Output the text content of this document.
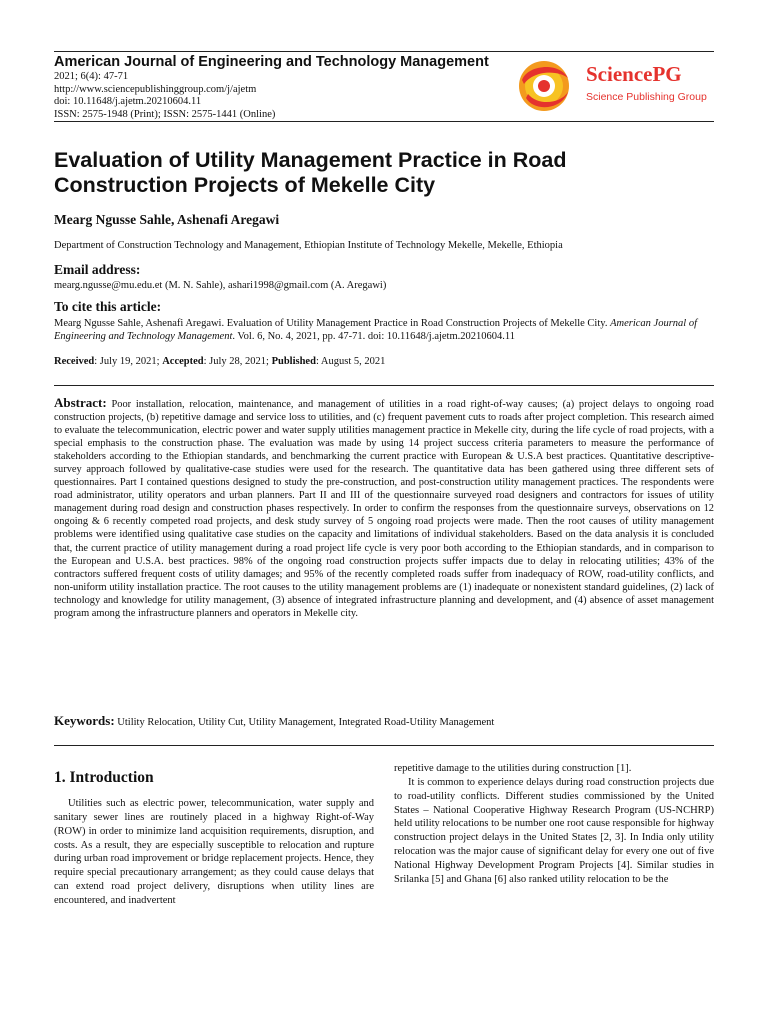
American Journal of Engineering and Technology Management
2021; 6(4): 47-71
http://www.sciencepublishinggroup.com/j/ajetm
doi: 10.11648/j.ajetm.20210604.11
ISSN: 2575-1948 (Print); ISSN: 2575-1441 (Online)
SciencePG
Science Publishing Group
Evaluation of Utility Management Practice in Road
Construction Projects of Mekelle City
Mearg Ngusse Sahle, Ashenafi Aregawi
Department of Construction Technology and Management, Ethiopian Institute of Technology Mekelle, Mekelle, Ethiopia
Email address:
mearg.ngusse@mu.edu.et (M. N. Sahle), ashari1998@gmail.com (A. Aregawi)
To cite this article:
Mearg Ngusse Sahle, Ashenafi Aregawi. Evaluation of Utility Management Practice in Road Construction Projects of Mekelle City. American Journal of Engineering and Technology Management. Vol. 6, No. 4, 2021, pp. 47-71. doi: 10.11648/j.ajetm.20210604.11
Received: July 19, 2021; Accepted: July 28, 2021; Published: August 5, 2021
Abstract: Poor installation, relocation, maintenance, and management of utilities in a road right-of-way causes; (a) project delays to ongoing road construction projects, (b) repetitive damage and service loss to utilities, and (c) frequent pavement cuts to roads after project completion. This research aimed to evaluate the telecommunication, electric power and water supply utilities management practice in Mekelle city, during the life cycle of road projects, with a special emphasis to the construction phase. The evaluation was made by using 14 project success criteria parameters to measure the performance of stakeholders according to the Ethiopian standards, and benchmarking the current practice with European & U.S.A best practices. Quantitative descriptive-survey approach followed by qualitative-case studies were used for the research. The quantitative data has been gathered using three different sets of questionnaires. Part I contained questions designed to study the pre-construction, and post-construction utility management practices. The respondents were road administrator, utility operators and urban planners. Part II and III of the questionnaire surveyed road designers and contractors for issues of utility management during road design and construction phases respectively. In order to confirm the responses from the questionnaire surveys, observations on 12 ongoing & 6 recently competed road projects, and desk study survey of 5 ongoing road projects were made. Then the root causes of utility management problems were identified using qualitative case studies on the capacity and limitations of individual stakeholders. Based on the data analysis it is concluded that, the current practice of utility management during a road project life cycle is very poor both according to the Ethiopian standards, and in comparison to the European and U.S.A. best practices. 98% of the ongoing road construction projects suffer impacts due to delay in relocating utilities; 43% of the contractors suffered frequent costs of utility damages; and 95% of the recently completed roads suffer from inadequacy of ROW, road-utility conflicts, and non-uniform utility installation practice. The root causes to the utility management problems are (1) inadequate or nonexistent standard guidelines, (2) lack of technology and knowledge for utility management, (3) absence of integrated infrastructure planning and development, and (4) absence of asset management program among the infrastructure planners and operators in Mekelle city.
Keywords: Utility Relocation, Utility Cut, Utility Management, Integrated Road-Utility Management
1. Introduction

Utilities such as electric power, telecommunication, water supply and sanitary sewer lines are routinely placed in a highway Right-of-Way (ROW) in order to minimize land acquisition requirements, disruption, and costs. As a result, they are especially susceptible to relocation and rupture during urban road improvement or bridge replacement projects. Hence, they require special precautionary arrangement; as they could cause delays that can extend road project delivery, disruptions when utility lines are encountered, and inadvertent

repetitive damage to the utilities during construction [1].

It is common to experience delays during road construction projects due to road-utility conflicts. Different studies commissioned by the United States – National Cooperative Highway Research Program (US-NCHRP) held utility relocations to be number one root cause responsible for highway construction project delays in the United States [2, 3]. In India only utility relocation was the major cause of significant delay for every one out of five National Highway Development Program Projects [4]. Similar studies in Srilanka [5] and Ghana [6] also ranked utility relocation to be the
